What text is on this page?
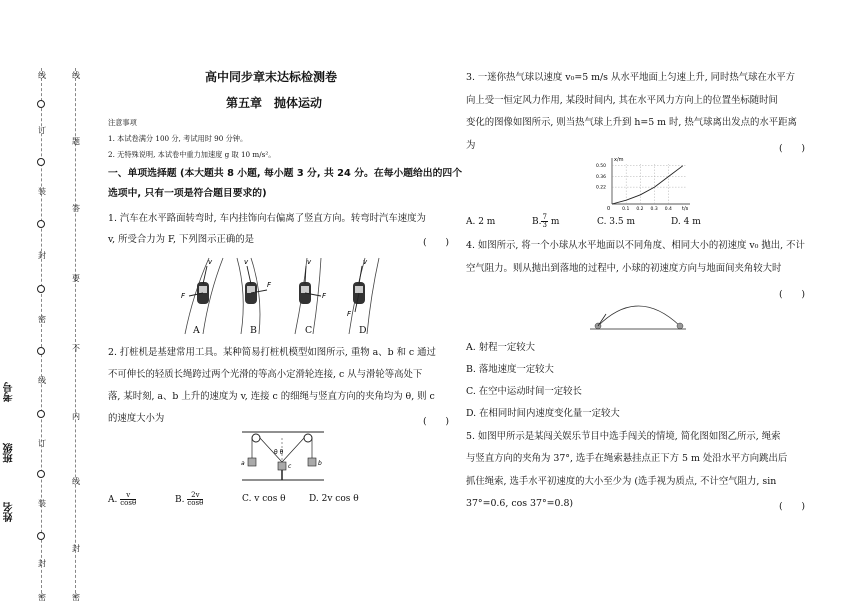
线
订
装
封
密
线
订
装
封
密
线
题
答
要
不
内
线
封
密
考号
班级
姓名
高中同步章末达标检测卷
第五章　抛体运动
注意事项
1. 本试卷满分 100 分, 考试用时 90 分钟。
2. 无特殊说明, 本试卷中重力加速度 g 取 10 m/s²。
一、单项选择题 (本大题共 8 小题, 每小题 3 分, 共 24 分。在每小题给出的四个
选项中, 只有一项是符合题目要求的)
1. 汽车在水平路面转弯时, 车内挂饰向右偏离了竖直方向。转弯时汽车速度为
v, 所受合力为 F, 下列图示正确的是	(　　)
F
v
F
v
F
v
F
v
A	B	C	D
2. 打桩机是基建常用工具。某种简易打桩机模型如图所示, 重物 a、b 和 c 通过
不可伸长的轻质长绳跨过两个光滑的等高小定滑轮连接, c 从与滑轮等高处下
落, 某时刻, a、b 上升的速度为 v, 连接 c 的细绳与竖直方向的夹角均为 θ, 则 c
的速度大小为	(　　)
θ θ
a	b
c
A. $\frac{v}{\cos\theta}$	B. $\frac{2v}{\cos\theta}$	C. v cos θ	D. 2v cos θ
3. 一迷你热气球以速度 v₀=5 m/s 从水平地面上匀速上升, 同时热气球在水平方
向上受一恒定风力作用, 某段时间内, 其在水平风力方向上的位置坐标随时间
变化的图像如图所示, 则当热气球上升到 h=5 m 时, 热气球离出发点的水平距离
为	(　　)
0.1 0.2 0.3 0.4
0.22
0.36
0.50
x/m
t/s
0
A. 2 m	B. $\frac{7}{3}$ m	C. 3.5 m	D. 4 m
4. 如图所示, 将一个小球从水平地面以不同角度、相同大小的初速度 v₀ 抛出, 不计
空气阻力。则从抛出到落地的过程中, 小球的初速度方向与地面间夹角较大时
(　　)
A. 射程一定较大
B. 落地速度一定较大
C. 在空中运动时间一定较长
D. 在相同时间内速度变化量一定较大
5. 如图甲所示是某闯关娱乐节目中选手闯关的情境, 简化图如图乙所示, 绳索
与竖直方向的夹角为 37°, 选手在绳索悬挂点正下方 5 m 处沿水平方向跳出后
抓住绳索, 选手水平初速度的大小至少为 (选手视为质点, 不计空气阻力, sin
37°=0.6, cos 37°=0.8)	(　　)
